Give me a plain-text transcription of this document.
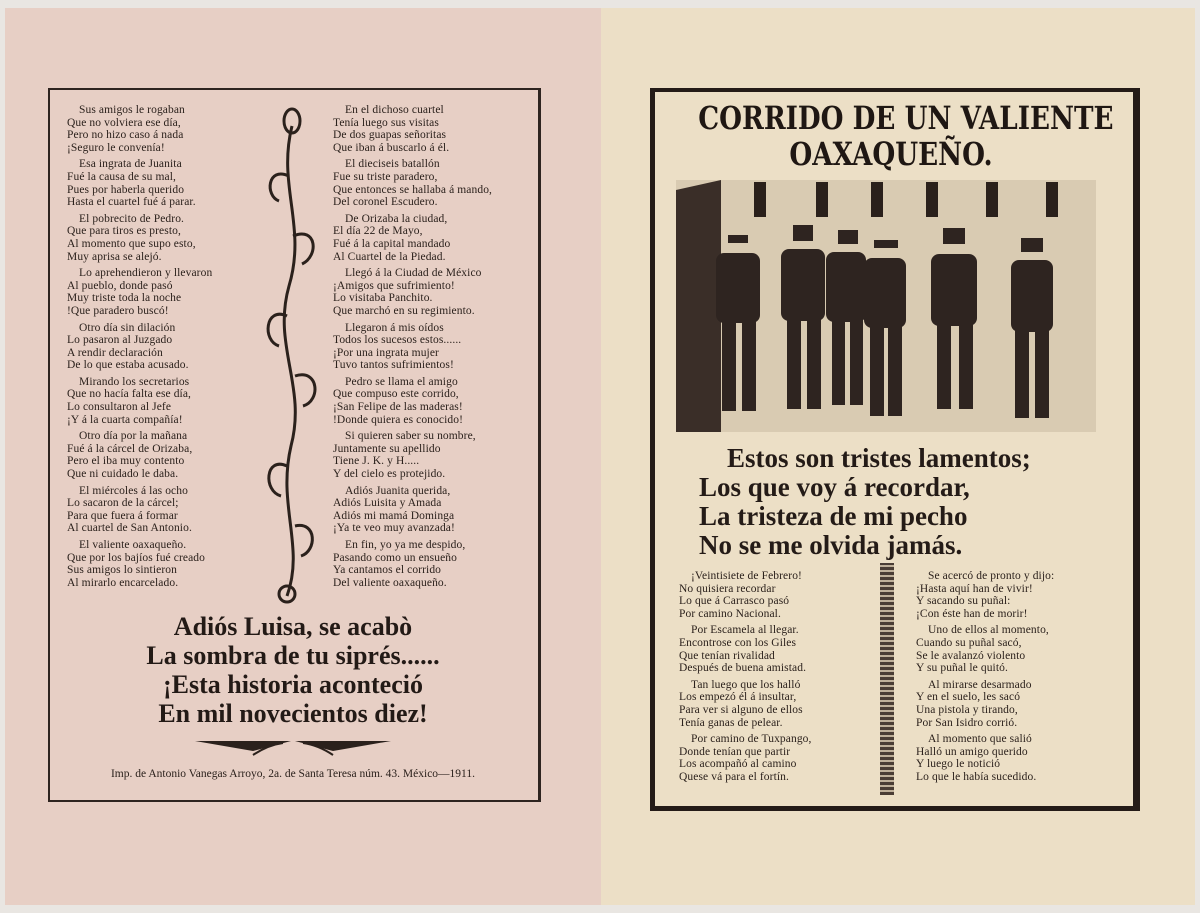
Sus amigos le rogaban
Que no volviera ese día,
Pero no hizo caso á nada
¡Seguro le convenía!
Esa ingrata de Juanita
Fué la causa de su mal,
Pues por haberla querido
Hasta el cuartel fué á parar.
El pobrecito de Pedro.
Que para tiros es presto,
Al momento que supo esto,
Muy aprisa se alejó.
Lo aprehendieron y llevaron
Al pueblo, donde pasó
Muy triste toda la noche
!Que paradero buscó!
Otro día sin dilación
Lo pasaron al Juzgado
A rendir declaración
De lo que estaba acusado.
Mirando los secretarios
Que no hacía falta ese día,
Lo consultaron al Jefe
¡Y á la cuarta compañía!
Otro día por la mañana
Fué á la cárcel de Orizaba,
Pero el iba muy contento
Que ni cuidado le daba.
El miércoles á las ocho
Lo sacaron de la cárcel;
Para que fuera á formar
Al cuartel de San Antonio.
El valiente oaxaqueño.
Que por los bajíos fué creado
Sus amigos lo sintieron
Al mirarlo encarcelado.
En el dichoso cuartel
Tenía luego sus visitas
De dos guapas señoritas
Que iban á buscarlo á él.
El dieciseis batallón
Fue su triste paradero,
Que entonces se hallaba á mando,
Del coronel Escudero.
De Orizaba la ciudad,
El día 22 de Mayo,
Fué á la capital mandado
Al Cuartel de la Piedad.
Llegó á la Ciudad de México
¡Amigos que sufrimiento!
Lo visitaba Panchito.
Que marchó en su regimiento.
Llegaron á mis oídos
Todos los sucesos estos......
¡Por una ingrata mujer
Tuvo tantos sufrimientos!
Pedro se llama el amigo
Que compuso este corrido,
¡San Felipe de las maderas!
!Donde quiera es conocido!
Si quieren saber su nombre,
Juntamente su apellido
Tiene J. K. y H.....
Y del cielo es protejido.
Adiós Juanita querida,
Adiós Luisita y Amada
Adiós mi mamá Dominga
¡Ya te veo muy avanzada!
En fin, yo ya me despido,
Pasando como un ensueño
Ya cantamos el corrido
Del valiente oaxaqueño.
Adiós Luisa, se acabò
La sombra de tu siprés......
¡Esta historia aconteció
En mil novecientos diez!
Imp. de Antonio Vanegas Arroyo, 2a. de Santa Teresa núm. 43. México—1911.
CORRIDO DE UN VALIENTE
OAXAQUEÑO.
Estos son tristes lamentos;
Los que voy á recordar,
La tristeza de mi pecho
No se me olvida jamás.
¡Veintisiete de Febrero!
No quisiera recordar
Lo que á Carrasco pasó
Por camino Nacional.
Por Escamela al llegar.
Encontrose con los Giles
Que tenían rivalidad
Después de buena amistad.
Tan luego que los halló
Los empezó él á insultar,
Para ver si alguno de ellos
Tenía ganas de pelear.
Por camino de Tuxpango,
Donde tenían que partir
Los acompañó al camino
Quese vá para el fortín.
Se acercó de pronto y dijo:
¡Hasta aquí han de vivir!
Y sacando su puñal:
¡Con éste han de morir!
Uno de ellos al momento,
Cuando su puñal sacó,
Se le avalanzó violento
Y su puñal le quitó.
Al mirarse desarmado
Y en el suelo, les sacó
Una pistola y tirando,
Por San Isidro corrió.
Al momento que salió
Halló un amigo querido
Y luego le notició
Lo que le había sucedido.
